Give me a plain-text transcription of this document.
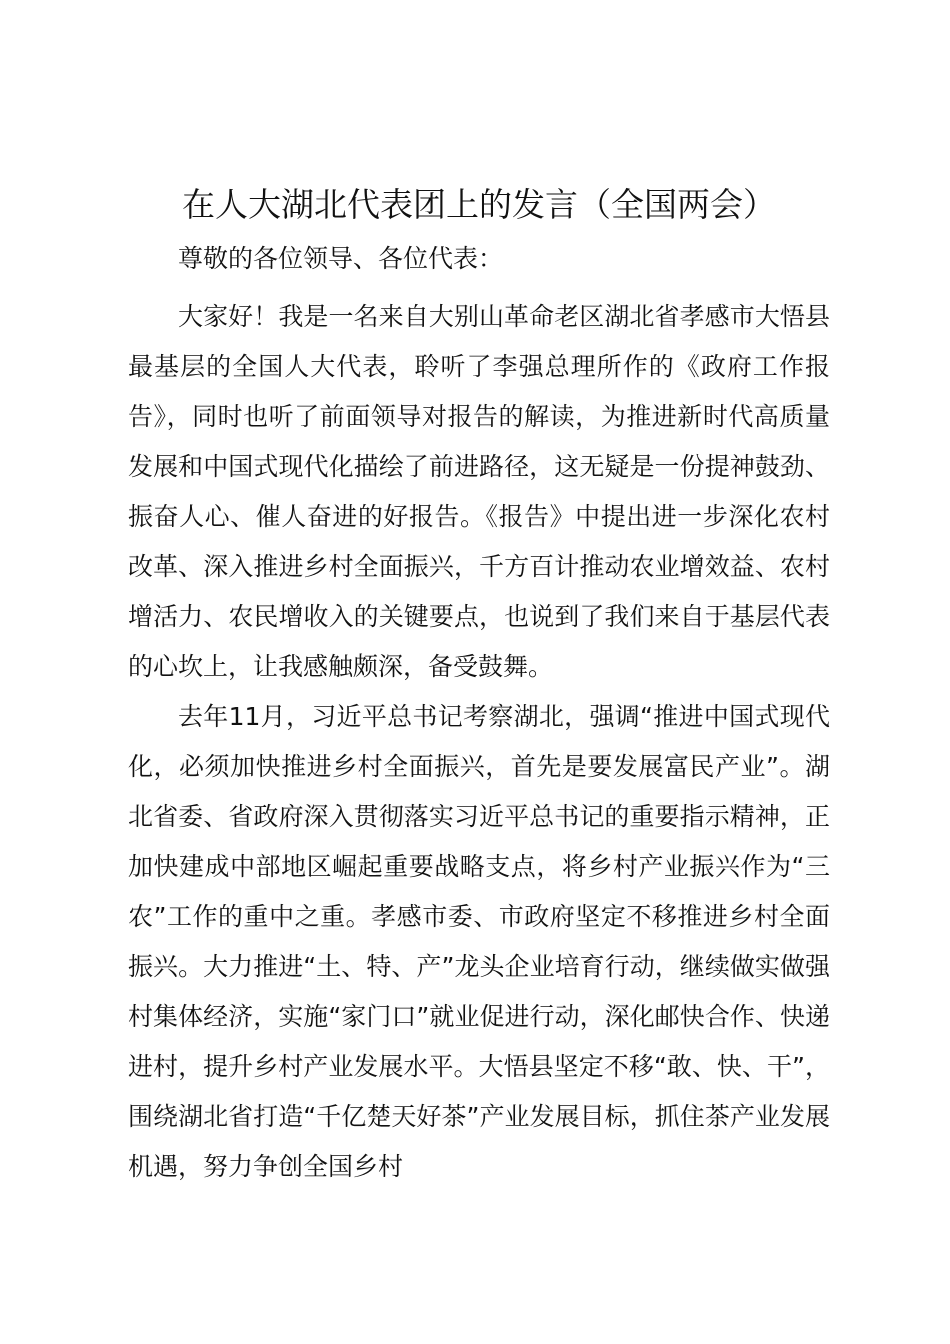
在人大湖北代表团上的发言（全国两会）

尊敬的各位领导、各位代表：

大家好！我是一名来自大别山革命老区湖北省孝感市大悟县最基层的全国人大代表，聆听了李强总理所作的《政府工作报告》，同时也听了前面领导对报告的解读，为推进新时代高质量发展和中国式现代化描绘了前进路径，这无疑是一份提神鼓劲、振奋人心、催人奋进的好报告。《报告》中提出进一步深化农村改革、深入推进乡村全面振兴，千方百计推动农业增效益、农村增活力、农民增收入的关键要点，也说到了我们来自于基层代表的心坎上，让我感触颇深，备受鼓舞。

去年11月，习近平总书记考察湖北，强调“推进中国式现代化，必须加快推进乡村全面振兴，首先是要发展富民产业”。湖北省委、省政府深入贯彻落实习近平总书记的重要指示精神，正加快建成中部地区崛起重要战略支点，将乡村产业振兴作为“三农”工作的重中之重。孝感市委、市政府坚定不移推进乡村全面振兴。大力推进“土、特、产”龙头企业培育行动，继续做实做强村集体经济，实施“家门口”就业促进行动，深化邮快合作、快递进村，提升乡村产业发展水平。大悟县坚定不移“敢、快、干”，围绕湖北省打造“千亿楚天好茶”产业发展目标，抓住茶产业发展机遇，努力争创全国乡村
